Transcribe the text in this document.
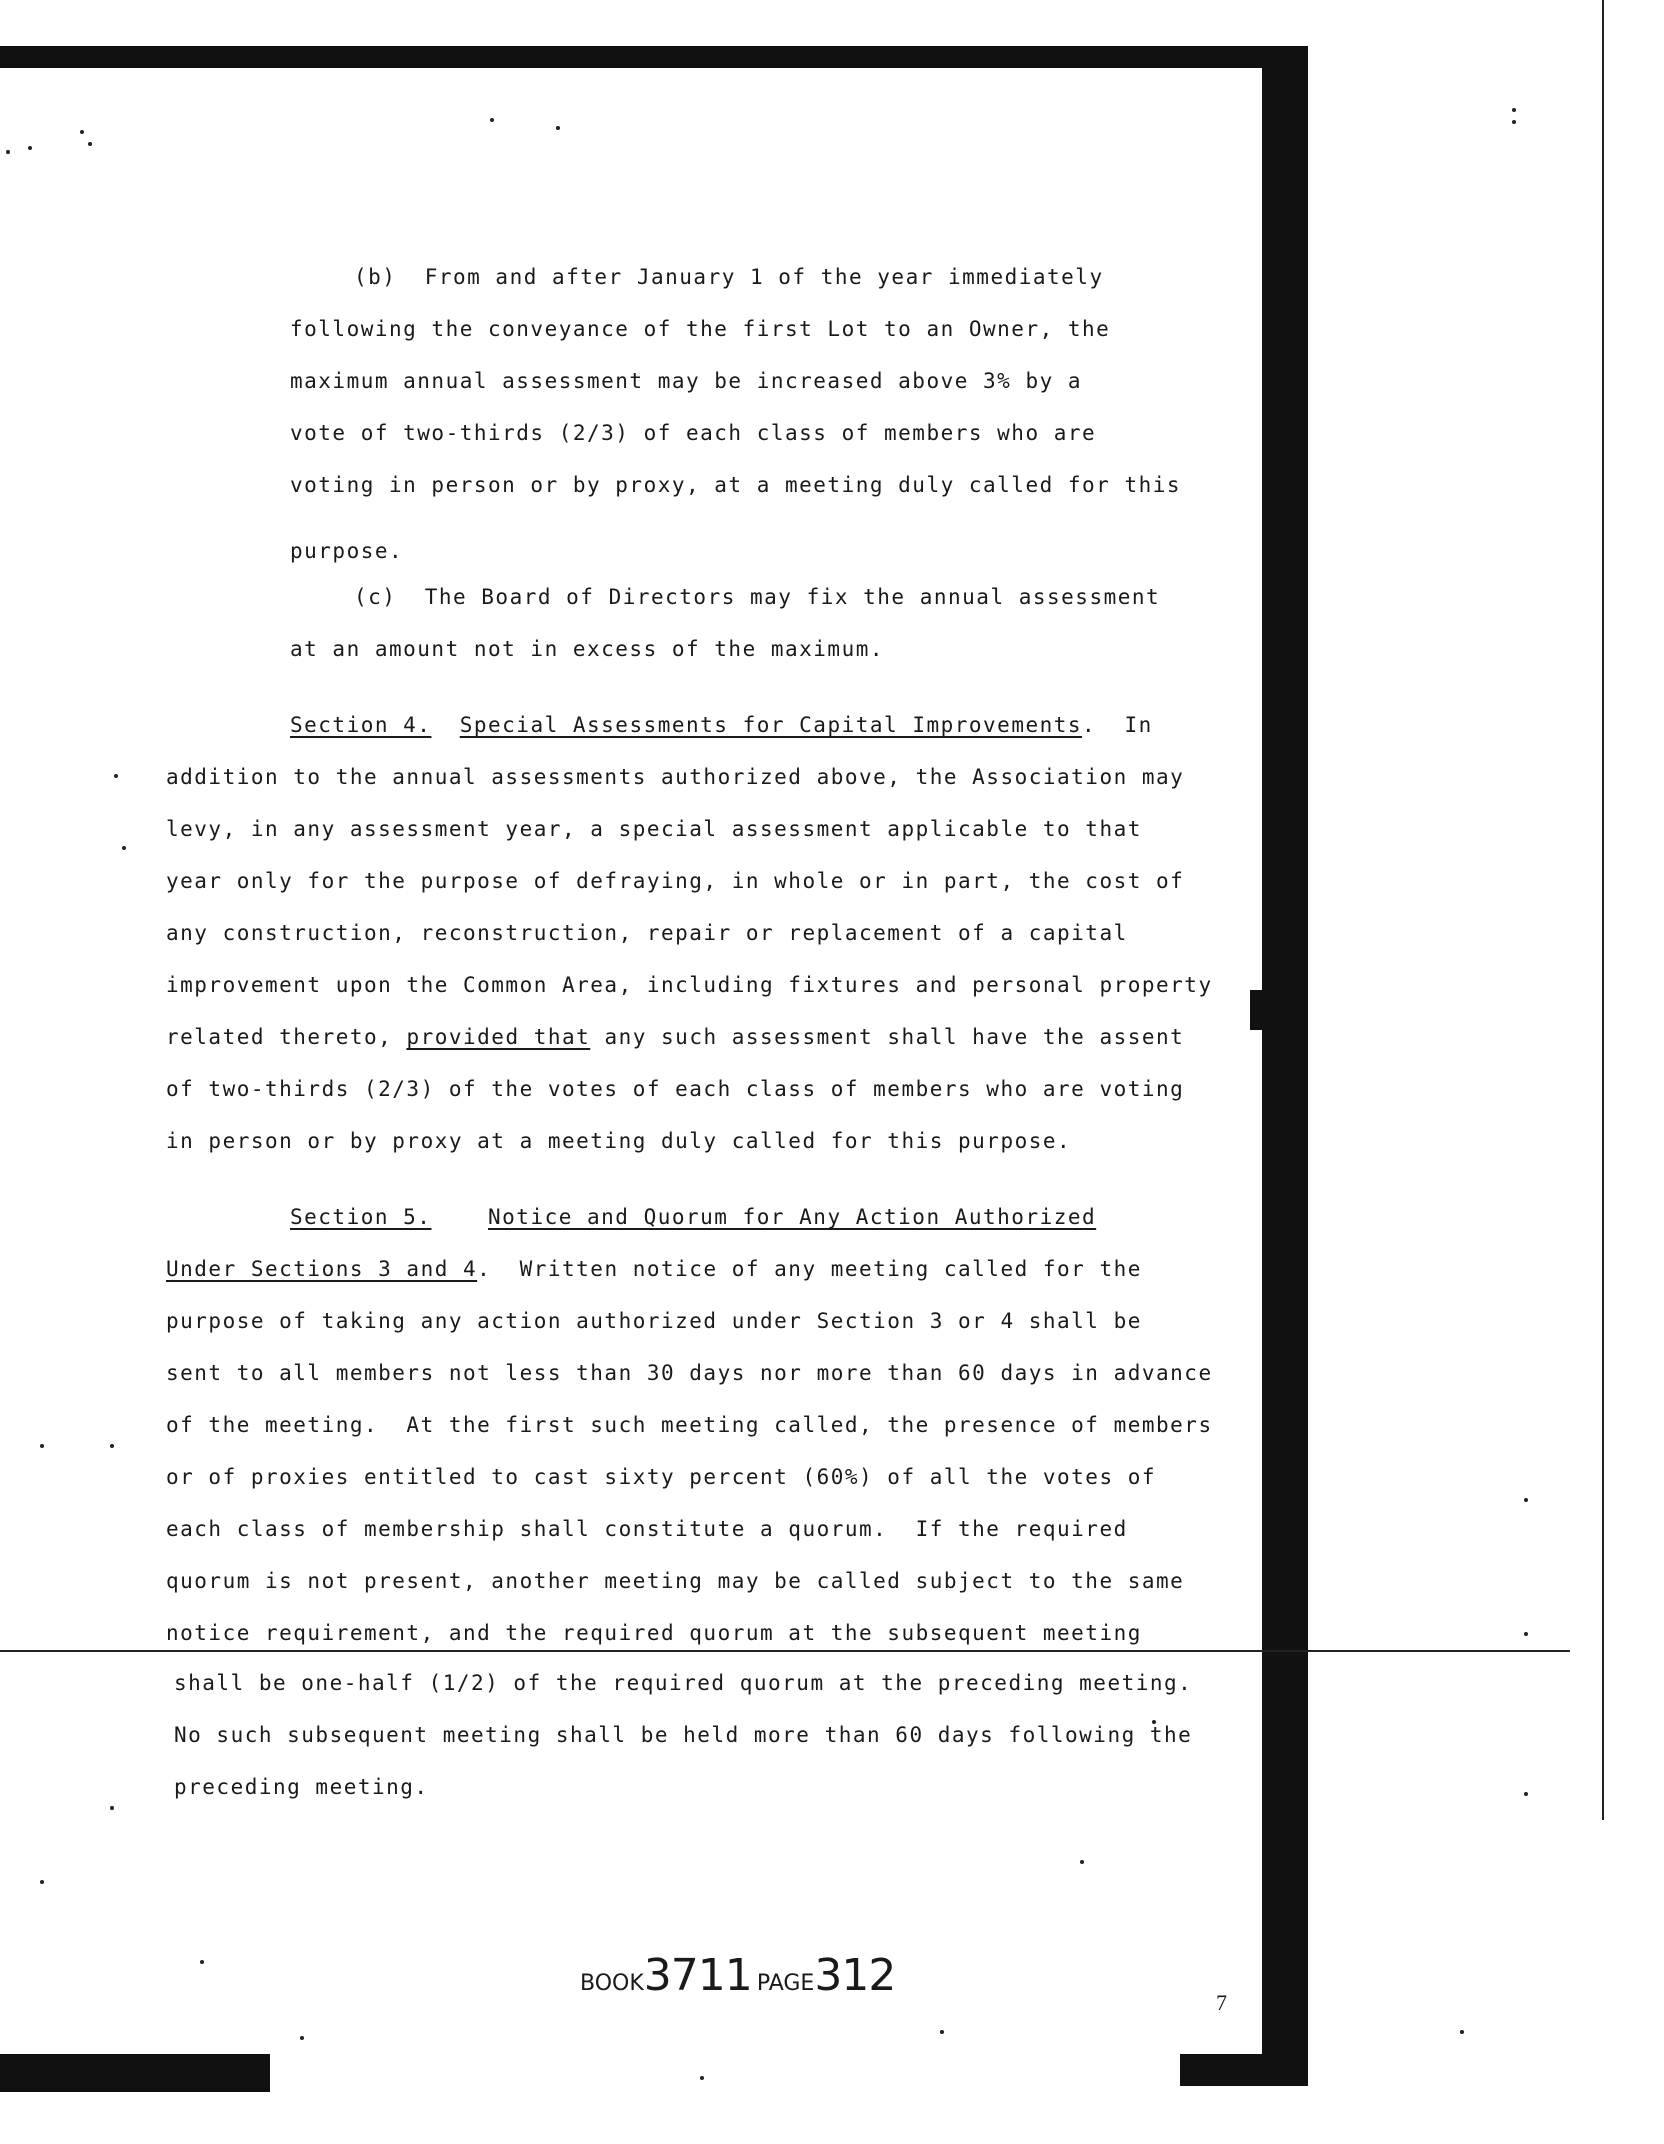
(b)  From and after January 1 of the year immediately
following the conveyance of the first Lot to an Owner, the
maximum annual assessment may be increased above 3% by a
vote of two-thirds (2/3) of each class of members who are
voting in person or by proxy, at a meeting duly called for this
purpose.
(c)  The Board of Directors may fix the annual assessment
at an amount not in excess of the maximum.
Section 4. Special Assessments for Capital Improvements.  In
addition to the annual assessments authorized above, the Association may
levy, in any assessment year, a special assessment applicable to that
year only for the purpose of defraying, in whole or in part, the cost of
any construction, reconstruction, repair or replacement of a capital
improvement upon the Common Area, including fixtures and personal property
related thereto, provided that any such assessment shall have the assent
of two-thirds (2/3) of the votes of each class of members who are voting
in person or by proxy at a meeting duly called for this purpose.
Section 5.	Notice and Quorum for Any Action Authorized
Under Sections 3 and 4.  Written notice of any meeting called for the
purpose of taking any action authorized under Section 3 or 4 shall be
sent to all members not less than 30 days nor more than 60 days in advance
of the meeting.  At the first such meeting called, the presence of members
or of proxies entitled to cast sixty percent (60%) of all the votes of
each class of membership shall constitute a quorum.  If the required
quorum is not present, another meeting may be called subject to the same
notice requirement, and the required quorum at the subsequent meeting
shall be one-half (1/2) of the required quorum at the preceding meeting.
No such subsequent meeting shall be held more than 60 days following the
preceding meeting.
BOOK3711 PAGE312
7
